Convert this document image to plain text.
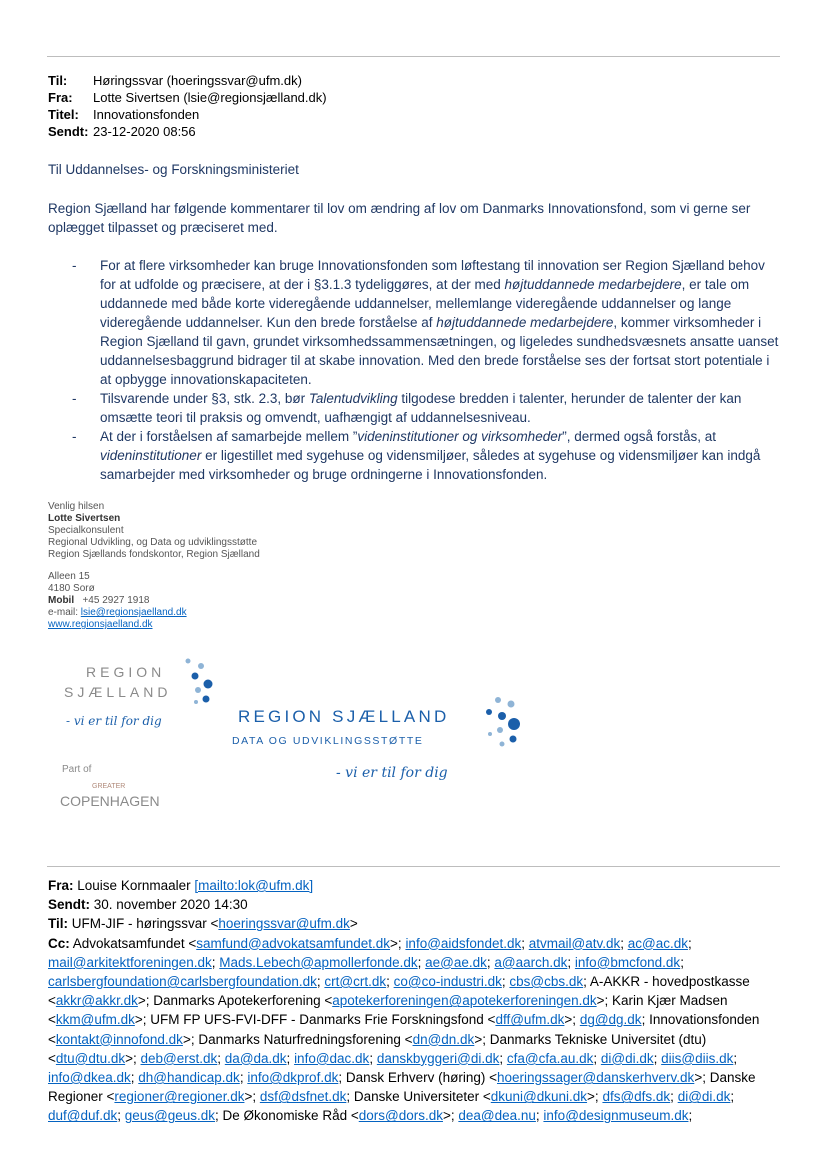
Til:	Høringssvar (hoeringssvar@ufm.dk)
Fra:	Lotte Sivertsen (lsie@regionsjælland.dk)
Titel:	Innovationsfonden
Sendt: 23-12-2020 08:56
Til Uddannelses- og Forskningsministeriet
Region Sjælland har følgende kommentarer til lov om ændring af lov om Danmarks Innovationsfond, som vi gerne ser oplægget tilpasset og præciseret med.
-	For at flere virksomheder kan bruge Innovationsfonden som løftestang til innovation ser Region Sjælland behov for at udfolde og præcisere, at der i §3.1.3 tydeliggøres, at der med højtuddannede medarbejdere, er tale om uddannede med både korte videregående uddannelser, mellemlange videregående uddannelser og lange videregående uddannelser. Kun den brede forståelse af højtuddannede medarbejdere, kommer virksomheder i Region Sjælland til gavn, grundet virksomhedssammensætningen, og ligeledes sundhedsvæsnets ansatte uanset uddannelsesbaggrund bidrager til at skabe innovation. Med den brede forståelse ses der fortsat stort potentiale i at opbygge innovationskapaciteten.
-	Tilsvarende under §3, stk. 2.3, bør Talentudvikling tilgodese bredden i talenter, herunder de talenter der kan omsætte teori til praksis og omvendt, uafhængigt af uddannelsesniveau.
-	At der i forståelsen af samarbejde mellem ”videninstitutioner og virksomheder”, dermed også forstås, at videninstitutioner er ligestillet med sygehuse og vidensmiljøer, således at sygehuse og vidensmiljøer kan indgå samarbejder med virksomheder og bruge ordningerne i Innovationsfonden.
Venlig hilsen
Lotte Sivertsen
Specialkonsulent
Regional Udvikling, og Data og udviklingsstøtte
Region Sjællands fondskontor, Region Sjælland
Alleen 15
4180 Sorø
Mobil +45 2927 1918
e-mail: lsie@regionsjaelland.dk
www.regionsjaelland.dk
REGION
SJÆLLAND
- vi er til for dig	REGION SJÆLLAND
DATA OG UDVIKLINGSSTØTTE
- vi er til for dig
Part of
GREATER
COPENHAGEN
Fra: Louise Kornmaaler [mailto:lok@ufm.dk]
Sendt: 30. november 2020 14:30
Til: UFM-JIF - høringssvar <hoeringssvar@ufm.dk>
Cc: Advokatsamfundet <samfund@advokatsamfundet.dk>; info@aidsfondet.dk; atvmail@atv.dk; ac@ac.dk; mail@arkitektforeningen.dk; Mads.Lebech@apmollerfonde.dk; ae@ae.dk; a@aarch.dk; info@bmcfond.dk; carlsbergfoundation@carlsbergfoundation.dk; crt@crt.dk; co@co-industri.dk; cbs@cbs.dk; A-AKKR - hovedpostkasse <akkr@akkr.dk>; Danmarks Apotekerforening <apotekerforeningen@apotekerforeningen.dk>; Karin Kjær Madsen <kkm@ufm.dk>; UFM FP UFS-FVI-DFF - Danmarks Frie Forskningsfond <dff@ufm.dk>; dg@dg.dk; Innovationsfonden <kontakt@innofond.dk>; Danmarks Naturfredningsforening <dn@dn.dk>; Danmarks Tekniske Universitet (dtu) <dtu@dtu.dk>; deb@erst.dk; da@da.dk; info@dac.dk; danskbyggeri@di.dk; cfa@cfa.au.dk; di@di.dk; diis@diis.dk; info@dkea.dk; dh@handicap.dk; info@dkprof.dk; Dansk Erhverv (høring) <hoeringssager@danskerhverv.dk>; Danske Regioner <regioner@regioner.dk>; dsf@dsfnet.dk; Danske Universiteter <dkuni@dkuni.dk>; dfs@dfs.dk; di@di.dk; duf@duf.dk; geus@geus.dk; De Økonomiske Råd <dors@dors.dk>; dea@dea.nu; info@designmuseum.dk;
